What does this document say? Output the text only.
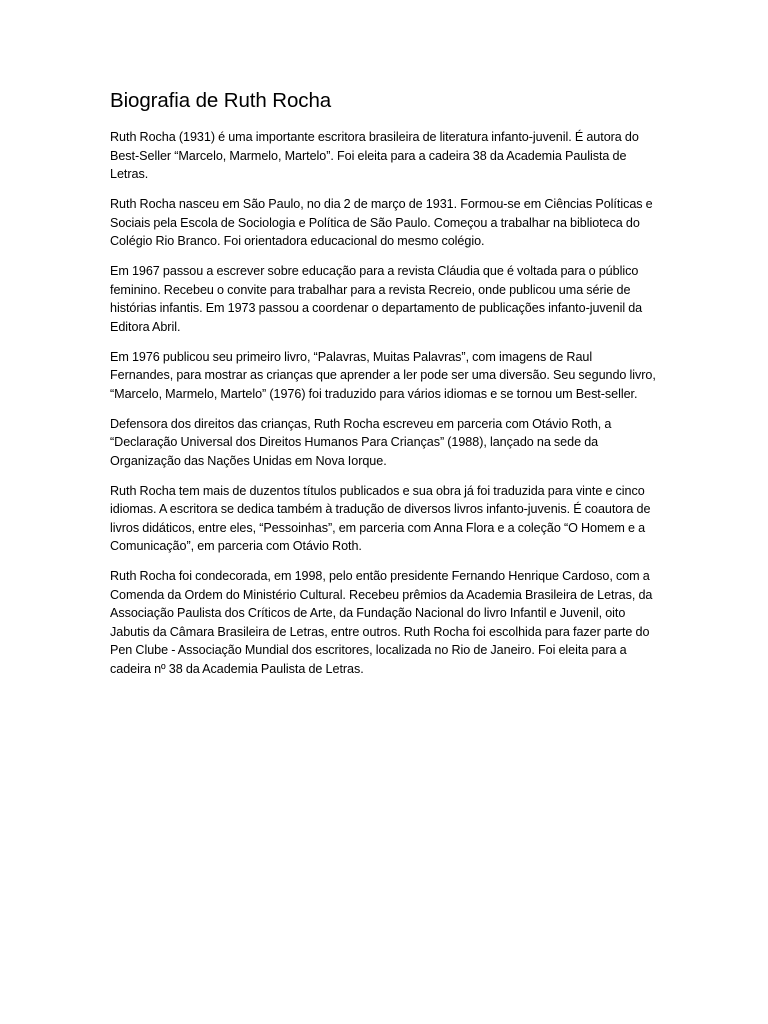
Biografia de Ruth Rocha

Ruth Rocha (1931) é uma importante escritora brasileira de literatura infanto-juvenil. É autora do Best-Seller “Marcelo, Marmelo, Martelo”. Foi eleita para a cadeira 38 da Academia Paulista de Letras.

Ruth Rocha nasceu em São Paulo, no dia 2 de março de 1931. Formou-se em Ciências Políticas e Sociais pela Escola de Sociologia e Política de São Paulo. Começou a trabalhar na biblioteca do Colégio Rio Branco. Foi orientadora educacional do mesmo colégio.

Em 1967 passou a escrever sobre educação para a revista Cláudia que é voltada para o público feminino. Recebeu o convite para trabalhar para a revista Recreio, onde publicou uma série de histórias infantis. Em 1973 passou a coordenar o departamento de publicações infanto-juvenil da Editora Abril.

Em 1976 publicou seu primeiro livro, “Palavras, Muitas Palavras”, com imagens de Raul Fernandes, para mostrar as crianças que aprender a ler pode ser uma diversão. Seu segundo livro, “Marcelo, Marmelo, Martelo” (1976) foi traduzido para vários idiomas e se tornou um Best-seller.

Defensora dos direitos das crianças, Ruth Rocha escreveu em parceria com Otávio Roth, a “Declaração Universal dos Direitos Humanos Para Crianças” (1988), lançado na sede da Organização das Nações Unidas em Nova Iorque.

Ruth Rocha tem mais de duzentos títulos publicados e sua obra já foi traduzida para vinte e cinco idiomas. A escritora se dedica também à tradução de diversos livros infanto-juvenis. É coautora de livros didáticos, entre eles, “Pessoinhas”, em parceria com Anna Flora e a coleção “O Homem e a Comunicação”, em parceria com Otávio Roth.

Ruth Rocha foi condecorada, em 1998, pelo então presidente Fernando Henrique Cardoso, com a Comenda da Ordem do Ministério Cultural. Recebeu prêmios da Academia Brasileira de Letras, da Associação Paulista dos Críticos de Arte, da Fundação Nacional do livro Infantil e Juvenil, oito Jabutis da Câmara Brasileira de Letras, entre outros. Ruth Rocha foi escolhida para fazer parte do Pen Clube - Associação Mundial dos escritores, localizada no Rio de Janeiro. Foi eleita para a cadeira nº 38 da Academia Paulista de Letras.
